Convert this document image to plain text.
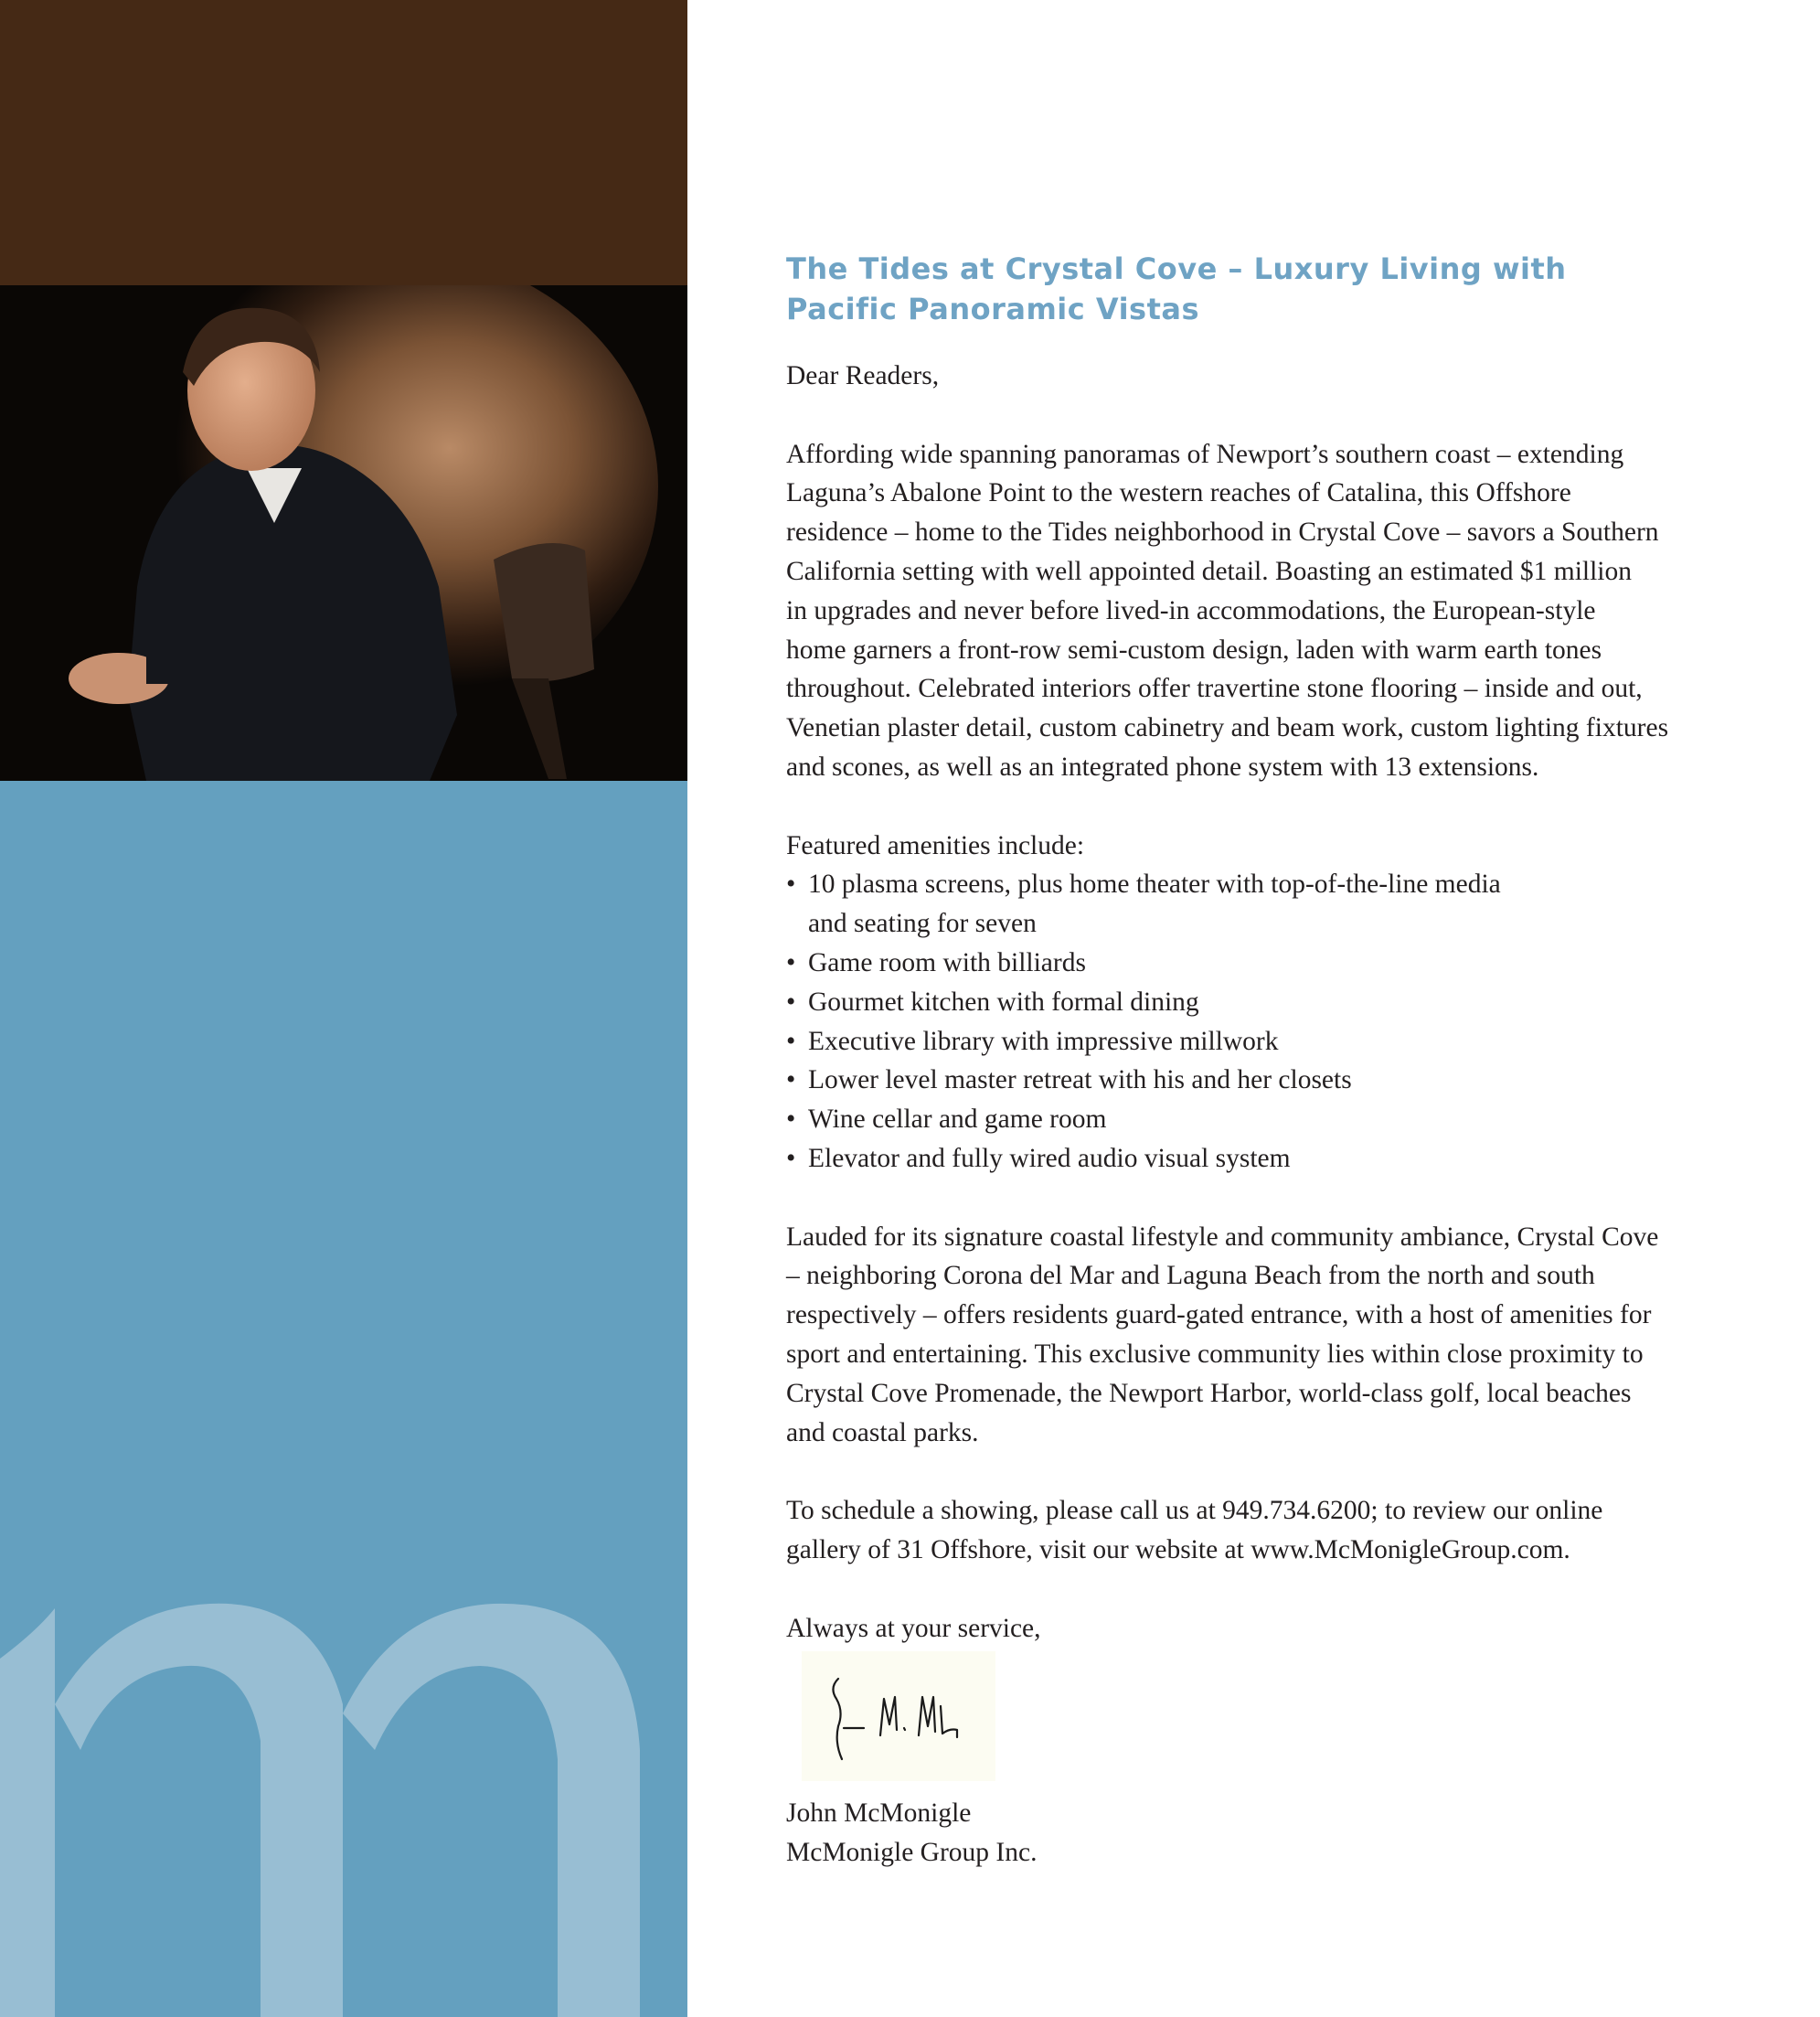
The Tides at Crystal Cove – Luxury Living with
Pacific Panoramic Vistas

Dear Readers,

Affording wide spanning panoramas of Newport’s southern coast – extending
Laguna’s Abalone Point to the western reaches of Catalina, this Offshore
residence – home to the Tides neighborhood in Crystal Cove – savors a Southern
California setting with well appointed detail. Boasting an estimated $1 million
in upgrades and never before lived-in accommodations, the European-style
home garners a front-row semi-custom design, laden with warm earth tones
throughout. Celebrated interiors offer travertine stone flooring – inside and out,
Venetian plaster detail, custom cabinetry and beam work, custom lighting fixtures
and scones, as well as an integrated phone system with 13 extensions.

Featured amenities include:

• 10 plasma screens, plus home theater with top-of-the-line media
and seating for seven
• Game room with billiards
• Gourmet kitchen with formal dining
• Executive library with impressive millwork
• Lower level master retreat with his and her closets
• Wine cellar and game room
• Elevator and fully wired audio visual system

Lauded for its signature coastal lifestyle and community ambiance, Crystal Cove
– neighboring Corona del Mar and Laguna Beach from the north and south
respectively – offers residents guard-gated entrance, with a host of amenities for
sport and entertaining. This exclusive community lies within close proximity to
Crystal Cove Promenade, the Newport Harbor, world-class golf, local beaches
and coastal parks.

To schedule a showing, please call us at 949.734.6200; to review our online
gallery of 31 Offshore, visit our website at www.McMonigleGroup.com.

Always at your service,

John McMonigle

McMonigle Group Inc.
